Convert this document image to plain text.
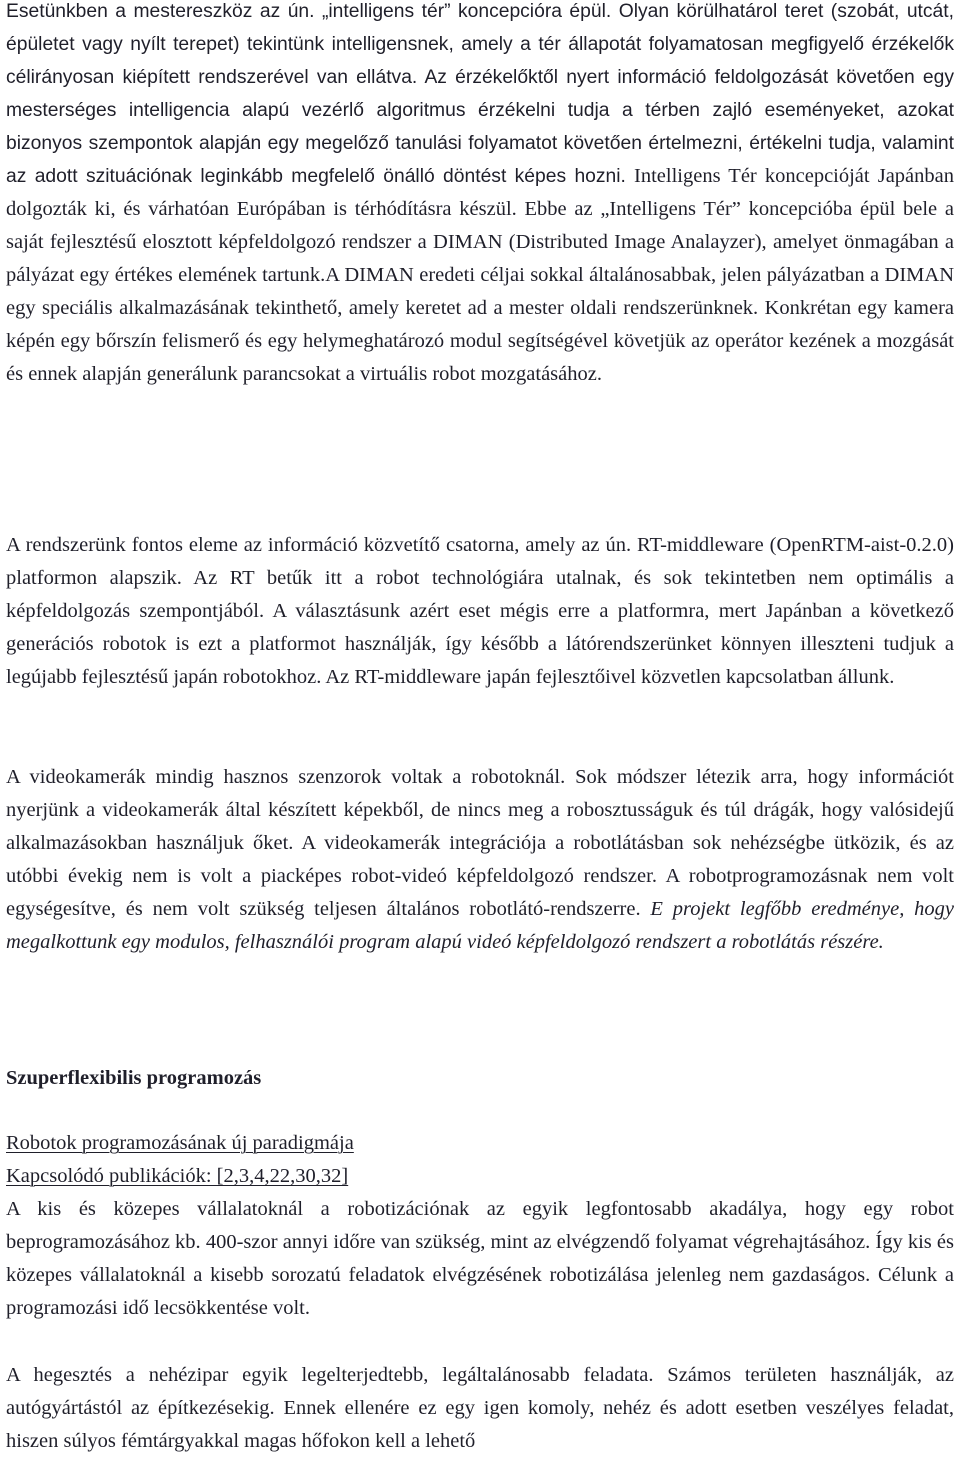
Esetünkben a mestereszköz az ún. „intelligens tér” koncepcióra épül. Olyan körülhatárol teret (szobát, utcát, épületet vagy nyílt terepet) tekintünk intelligensnek, amely a tér állapotát folyamatosan megfigyelő érzékelők célirányosan kiépített rendszerével van ellátva. Az érzékelőktől nyert információ feldolgozását követően egy mesterséges intelligencia alapú vezérlő algoritmus érzékelni tudja a térben zajló eseményeket, azokat bizonyos szempontok alapján egy megelőző tanulási folyamatot követően értelmezni, értékelni tudja, valamint az adott szituációnak leginkább megfelelő önálló döntést képes hozni. Intelligens Tér koncepcióját Japánban dolgozták ki, és várhatóan Európában is térhódításra készül. Ebbe az „Intelligens Tér” koncepcióba épül bele a saját fejlesztésű elosztott képfeldolgozó rendszer a DIMAN (Distributed Image Analayzer), amelyet önmagában a pályázat egy értékes elemének tartunk.A DIMAN eredeti céljai sokkal általánosabbak, jelen pályázatban a DIMAN egy speciális alkalmazásának tekinthető, amely keretet ad a mester oldali rendszerünknek. Konkrétan egy kamera képén egy bőrszín felismerő és egy helymeghatározó modul segítségével követjük az operátor kezének a mozgását és ennek alapján generálunk parancsokat a virtuális robot mozgatásához.

A rendszerünk fontos eleme az információ közvetítő csatorna, amely az ún. RT-middleware (OpenRTM-aist-0.2.0) platformon alapszik. Az RT betűk itt a robot technológiára utalnak, és sok tekintetben nem optimális a képfeldolgozás szempontjából. A választásunk azért eset mégis erre a platformra, mert Japánban a következő generációs robotok is ezt a platformot használják, így később a látórendszerünket könnyen illeszteni tudjuk a legújabb fejlesztésű japán robotokhoz. Az RT-middleware japán fejlesztőivel közvetlen kapcsolatban állunk.

A videokamerák mindig hasznos szenzorok voltak a robotoknál. Sok módszer létezik arra, hogy információt nyerjünk a videokamerák által készített képekből, de nincs meg a robosztusságuk és túl drágák, hogy valósidejű alkalmazásokban használjuk őket. A videokamerák integrációja a robotlátásban sok nehézségbe ütközik, és az utóbbi évekig nem is volt a piacképes robot-videó képfeldolgozó rendszer. A robotprogramozásnak nem volt egységesítve, és nem volt szükség teljesen általános robotlátó-rendszerre. E projekt legfőbb eredménye, hogy megalkottunk egy modulos, felhasználói program alapú videó képfeldolgozó rendszert a robotlátás részére.

Szuperflexibilis programozás
Robotok programozásának új paradigmája
Kapcsolódó publikációk: [2,3,4,22,30,32]

A kis és közepes vállalatoknál a robotizációnak az egyik legfontosabb akadálya, hogy egy robot beprogramozásához kb. 400-szor annyi időre van szükség, mint az elvégzendő folyamat végrehajtásához. Így kis és közepes vállalatoknál a kisebb sorozatú feladatok elvégzésének robotizálása jelenleg nem gazdaságos. Célunk a programozási idő lecsökkentése volt.

A hegesztés a nehézipar egyik legelterjedtebb, legáltalánosabb feladata. Számos területen használják, az autógyártástól az építkezésekig. Ennek ellenére ez egy igen komoly, nehéz és adott esetben veszélyes feladat, hiszen súlyos fémtárgyakkal magas hőfokon kell a lehető
